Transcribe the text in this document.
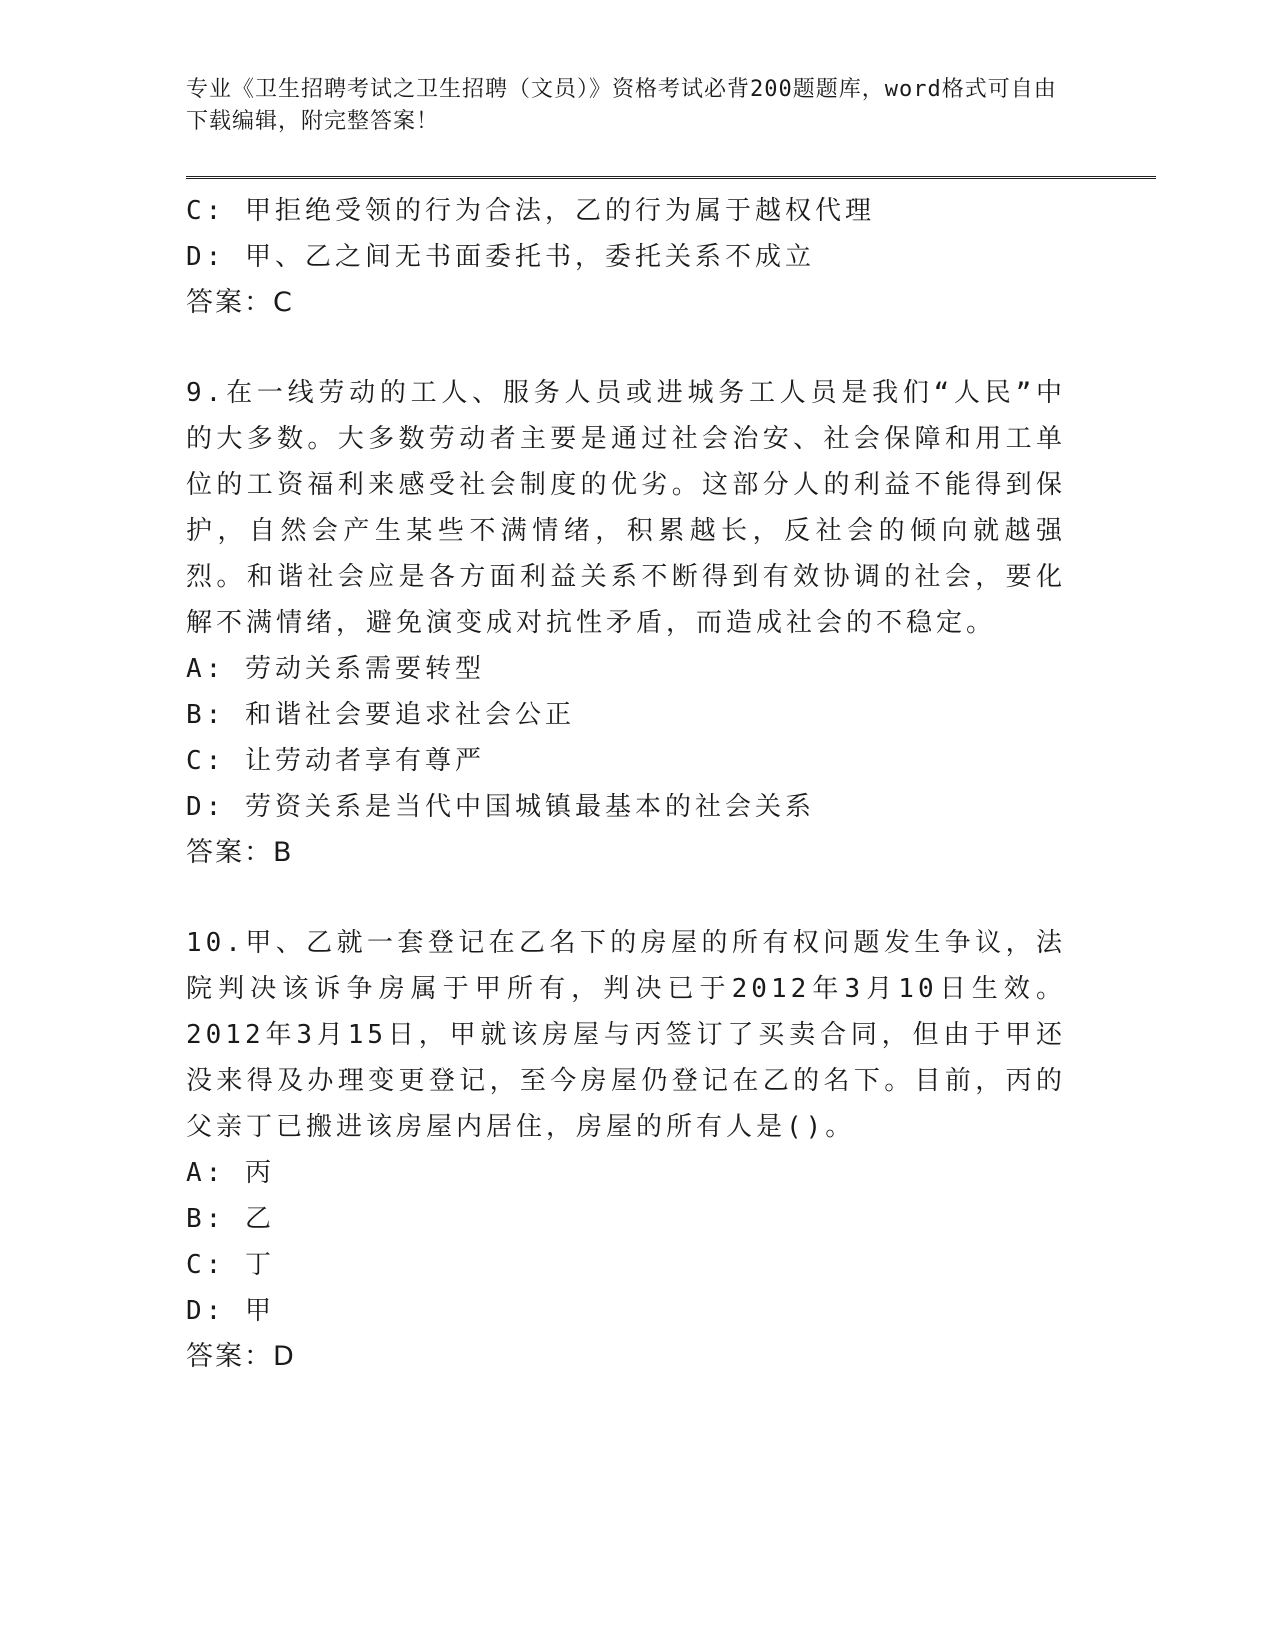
专业《卫生招聘考试之卫生招聘（文员）》资格考试必背200题题库，word格式可自由下载编辑，附完整答案！
C: 甲拒绝受领的行为合法，乙的行为属于越权代理
D: 甲、乙之间无书面委托书，委托关系不成立
答案：C

9.在一线劳动的工人、服务人员或进城务工人员是我们“人民”中的大多数。大多数劳动者主要是通过社会治安、社会保障和用工单位的工资福利来感受社会制度的优劣。这部分人的利益不能得到保护，自然会产生某些不满情绪，积累越长，反社会的倾向就越强烈。和谐社会应是各方面利益关系不断得到有效协调的社会，要化解不满情绪，避免演变成对抗性矛盾，而造成社会的不稳定。

A: 劳动关系需要转型
B: 和谐社会要追求社会公正
C: 让劳动者享有尊严
D: 劳资关系是当代中国城镇最基本的社会关系
答案：B

10.甲、乙就一套登记在乙名下的房屋的所有权问题发生争议，法院判决该诉争房属于甲所有，判决已于2012年3月10日生效。2012年3月15日，甲就该房屋与丙签订了买卖合同，但由于甲还没来得及办理变更登记，至今房屋仍登记在乙的名下。目前，丙的父亲丁已搬进该房屋内居住，房屋的所有人是()。

A: 丙
B: 乙
C: 丁
D: 甲
答案：D
